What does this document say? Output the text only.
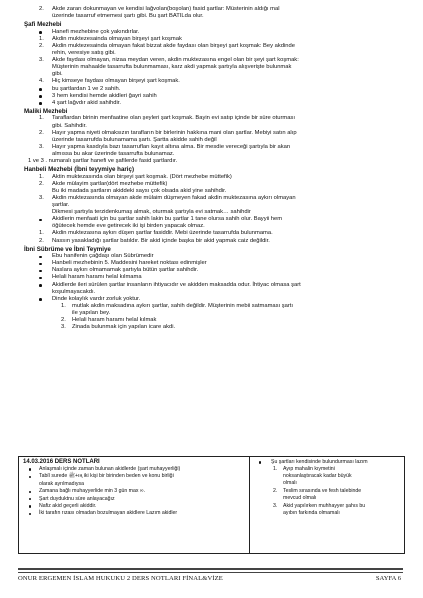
2. Akde zararı dokunmayan ve kendisi lağvolan(boşolan) fasid şartlar: Müsterinin aldığı mal
üzerinde tasarruf etmemesi şartı gibi. Bu şart BATILda olur.
Şafi Mezhebi
Hanefi mezhebine çok yakındırlar.
1. Akdin muktezesainda olmayan birşeyi şart koşmak
2. Akdin muktezesainda olmayan fakat bizzat akde faydası olan birşeyi şart koşmak: Bey akdinde
rehin, veresiye satış gibi.
3. Akde faydası olmayan, nizaa meydan veren, akdin muktezasına engel olan bir şeyi şart koşmak:
Müşterinin mahaalde tasarrufta bulunmaması, karz akdi yapmak şartıyla alışverişte bulunmak
gibi.
4. Hiç kimseye faydası olmayan birşeyi şart koşmak.
bu şartlardan 1 ve 2 sahih.
3 hem kendisi hemde akidleri ğayri sahih
4 şart lağvdır akid sahihdir.
Maliki Mezhebi
1. Taraflardan birinin menfaatine olan şeyleri şart koşmak. Bayin evi satıp içinde bir süre oturması
gibi. Sahihdir.
2. Hayır yapma niyeti olmaksızın tarafların bir birlerinin hakkına mani olan şartlar. Mebiyi satın alıp
üzerinde tasarrufda bulunamama şartı. Şartta akidde sahih değil
3. Hayır yapma kasdıyla bazı tasarrufları kayıt altına alma. Bir mesdie vereceği şartıyla bir akan
almıssa bu akar üzerinde tasarrufta bulunamaz.
1 ve 3 . numaralı şartlar hanefi ve şafilerde fasid şartlardır.
Hanbeli Mezhebi (İbni teyymiye hariç)
1. Aktin muktezasında olan birşeyi şart koşmak. (Dört mezhebe müttefik)
2. Akde mülayim şartlar(dört mezhebe müttefik)
Bu iki madada şartların akiddeki saysı çok olsada akid yine sahihdir.
3. Akdin muktezasında olmayan akde mülaim düşmeyen fakad akdin muktezasına aykırı olmayan
şartlar.
Dikmesi şartıyla terzidenkumaş almak, oturmak şartıyla evi satmak… sahihdir
Akidlerin menfaati için bu şartlar sahih lakin bu şartlar 1 tane olursa sahih olur. Bayyii hem
öğütecek hemde eve getirecek iki işi birden yapacak olmaz.
1. Akdin muktezasına aykırı düşen şartlar fasiddir. Mebi üzerinde tasarrufda bulunmama.
2. Nassın yasakladığı şartlar batıldır. Bir akid içinde başka bir akid yapmak caiz değildir.
İbni Sübrüme ve İbni Teymiye
Ebu hanifenin çağdaşı olan Sübrümedir
Hanbeli mezhebinin 5. Maddesini hareket noktası edinmişler
Naslara aykırı olmamamak şartıyla bütün şartlar sahihdir.
Helali haram haramı helal kılmama
Akidlerde ileri sürülen şartlar insanların ihtiyacıdır ve akidden maksadda odur. İhtiyac olmasa şart
koşulmayacakdı.
Dinde kolaylık vardır zorluk yoktur.
1. mutlak akdin maksadına aykırı şartlar, sahih değildir. Müşterinin mebii satmaması şartı
ile yapılan bey.
2. Helali haram haramı helal kılmak
3. Zinada bulunmak için yapılan icare akdi.
14.03.2016 DERS NOTLARI
Anlaşmalı içinde zaman bulunan akidlerde (şart muhayyerliği)
Tabiî surede ﷺ+ıң iki kişi bir birinden beden ve konu birliği
olarak ayrılmadıysa
Zamana bağlı muhayyerlide min 3 gün max ∞.
Şart duyduktnu süre anlayacağız
Nafiz akid geçerli akiddir.
İki tarafın rızası olmadan bozulmayan akidlere Lazım akidler
Şu şartları kendisinde bulundurması lazım
1. Ayıp mahalin kıymetini
noksanlaştıracak kadar büyük
olmalı
2. Teslim sırasında ve fesh talebinde
mevcud olmalı
3. Akid yapılırken muhhayyer şahıs bu
ayıbın farkında olmamalı
ONUR ERGEMEN İSLAM HUKUKU 2 DERS NOTLARI FİNAL&VİZE	SAYFA 6
